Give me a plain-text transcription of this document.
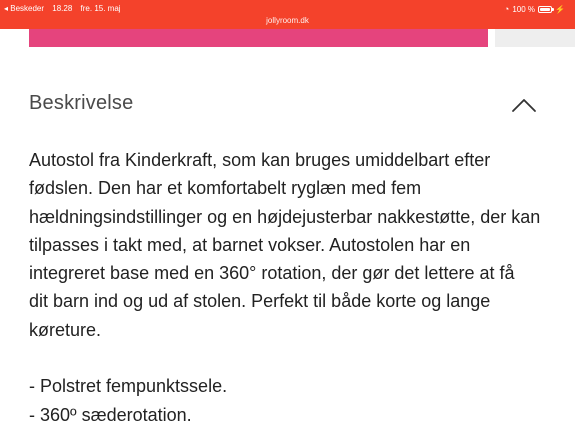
◂ Beskeder 18.28 fre. 15. maj
jollyroom.dk
◔ 100 %	⚡
Beskrivelse

Autostol fra Kinderkraft, som kan bruges umiddelbart efter
fødslen. Den har et komfortabelt ryglæn med fem
hældningsindstillinger og en højdejusterbar nakkestøtte, der kan
tilpasses i takt med, at barnet vokser. Autostolen har en
integreret base med en 360° rotation, der gør det lettere at få
dit barn ind og ud af stolen. Perfekt til både korte og lange
køreture.

- Polstret fempunktssele.
- 360º sæderotation.
